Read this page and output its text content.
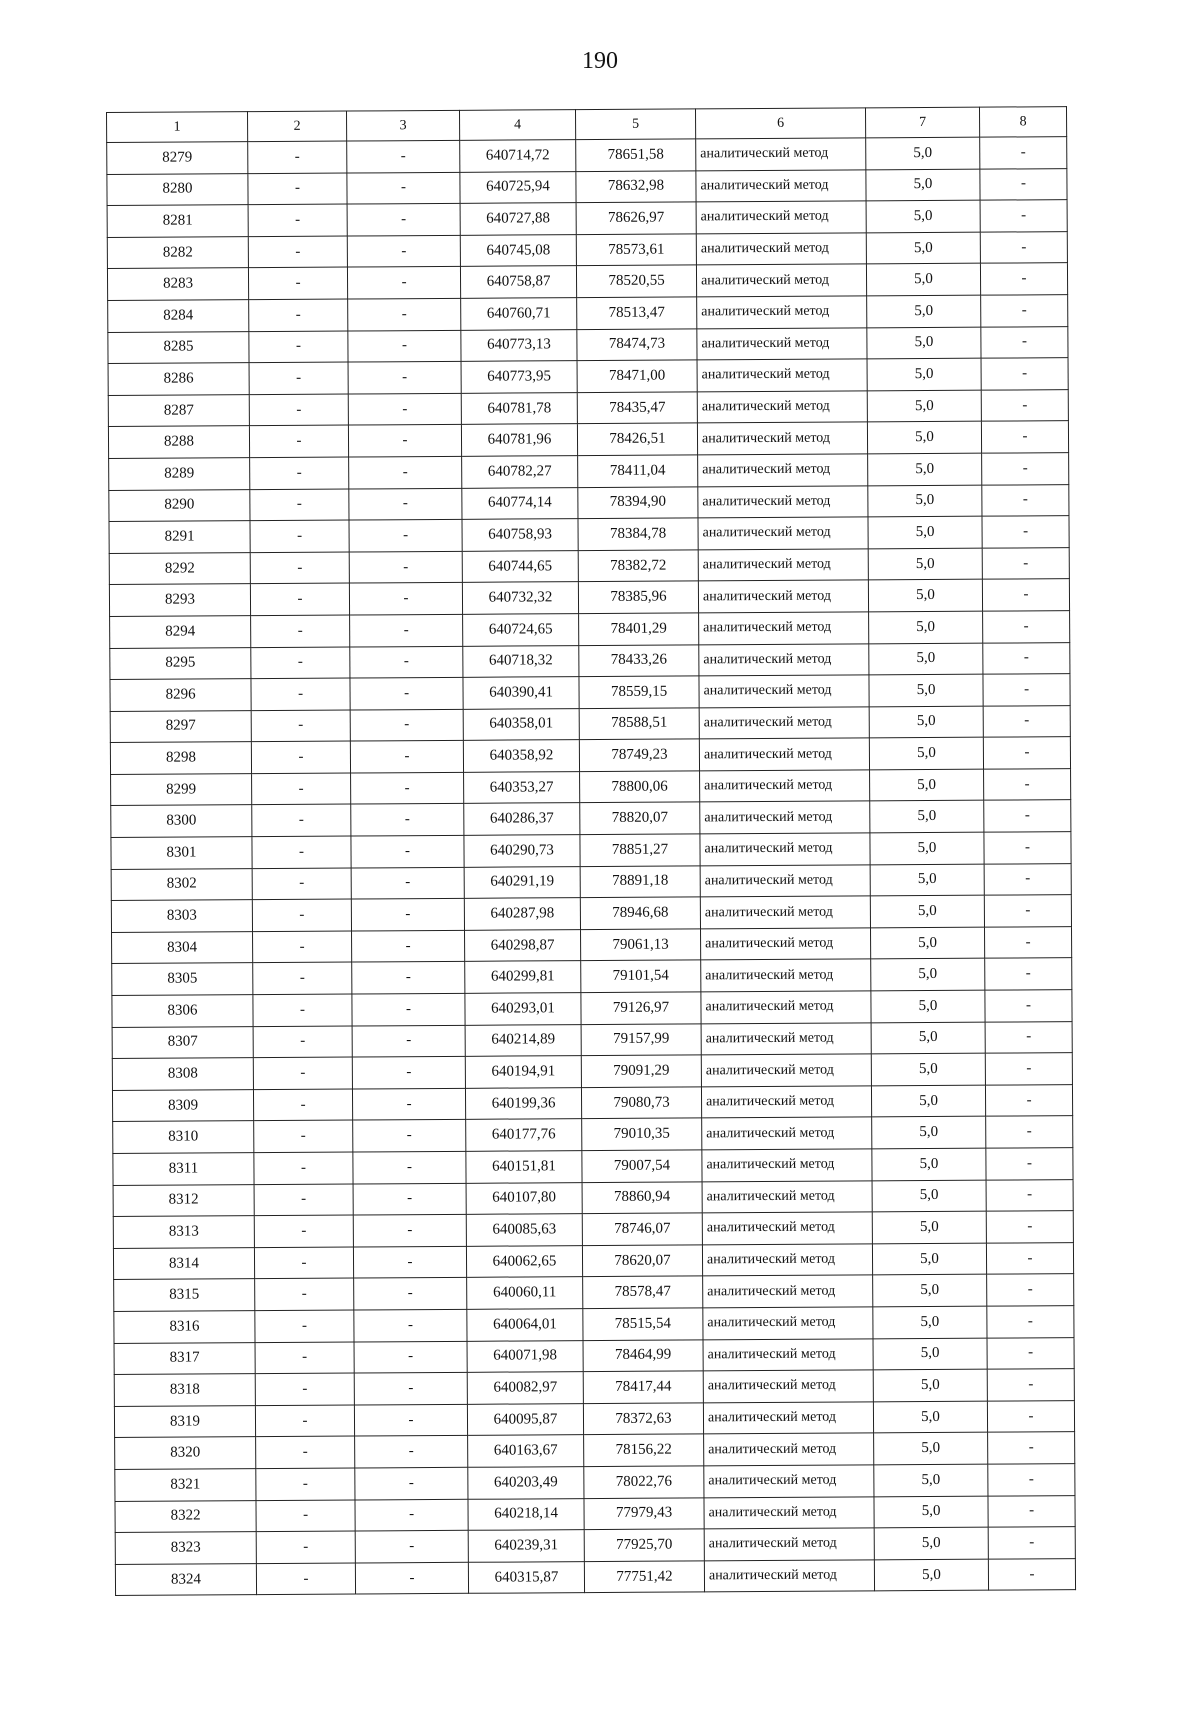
190
1	2	3	4	5	6	7	8
8279	-	-	640714,72	78651,58	аналитический метод	5,0	-
8280	-	-	640725,94	78632,98	аналитический метод	5,0	-
8281	-	-	640727,88	78626,97	аналитический метод	5,0	-
8282	-	-	640745,08	78573,61	аналитический метод	5,0	-
8283	-	-	640758,87	78520,55	аналитический метод	5,0	-
8284	-	-	640760,71	78513,47	аналитический метод	5,0	-
8285	-	-	640773,13	78474,73	аналитический метод	5,0	-
8286	-	-	640773,95	78471,00	аналитический метод	5,0	-
8287	-	-	640781,78	78435,47	аналитический метод	5,0	-
8288	-	-	640781,96	78426,51	аналитический метод	5,0	-
8289	-	-	640782,27	78411,04	аналитический метод	5,0	-
8290	-	-	640774,14	78394,90	аналитический метод	5,0	-
8291	-	-	640758,93	78384,78	аналитический метод	5,0	-
8292	-	-	640744,65	78382,72	аналитический метод	5,0	-
8293	-	-	640732,32	78385,96	аналитический метод	5,0	-
8294	-	-	640724,65	78401,29	аналитический метод	5,0	-
8295	-	-	640718,32	78433,26	аналитический метод	5,0	-
8296	-	-	640390,41	78559,15	аналитический метод	5,0	-
8297	-	-	640358,01	78588,51	аналитический метод	5,0	-
8298	-	-	640358,92	78749,23	аналитический метод	5,0	-
8299	-	-	640353,27	78800,06	аналитический метод	5,0	-
8300	-	-	640286,37	78820,07	аналитический метод	5,0	-
8301	-	-	640290,73	78851,27	аналитический метод	5,0	-
8302	-	-	640291,19	78891,18	аналитический метод	5,0	-
8303	-	-	640287,98	78946,68	аналитический метод	5,0	-
8304	-	-	640298,87	79061,13	аналитический метод	5,0	-
8305	-	-	640299,81	79101,54	аналитический метод	5,0	-
8306	-	-	640293,01	79126,97	аналитический метод	5,0	-
8307	-	-	640214,89	79157,99	аналитический метод	5,0	-
8308	-	-	640194,91	79091,29	аналитический метод	5,0	-
8309	-	-	640199,36	79080,73	аналитический метод	5,0	-
8310	-	-	640177,76	79010,35	аналитический метод	5,0	-
8311	-	-	640151,81	79007,54	аналитический метод	5,0	-
8312	-	-	640107,80	78860,94	аналитический метод	5,0	-
8313	-	-	640085,63	78746,07	аналитический метод	5,0	-
8314	-	-	640062,65	78620,07	аналитический метод	5,0	-
8315	-	-	640060,11	78578,47	аналитический метод	5,0	-
8316	-	-	640064,01	78515,54	аналитический метод	5,0	-
8317	-	-	640071,98	78464,99	аналитический метод	5,0	-
8318	-	-	640082,97	78417,44	аналитический метод	5,0	-
8319	-	-	640095,87	78372,63	аналитический метод	5,0	-
8320	-	-	640163,67	78156,22	аналитический метод	5,0	-
8321	-	-	640203,49	78022,76	аналитический метод	5,0	-
8322	-	-	640218,14	77979,43	аналитический метод	5,0	-
8323	-	-	640239,31	77925,70	аналитический метод	5,0	-
8324	-	-	640315,87	77751,42	аналитический метод	5,0	-
